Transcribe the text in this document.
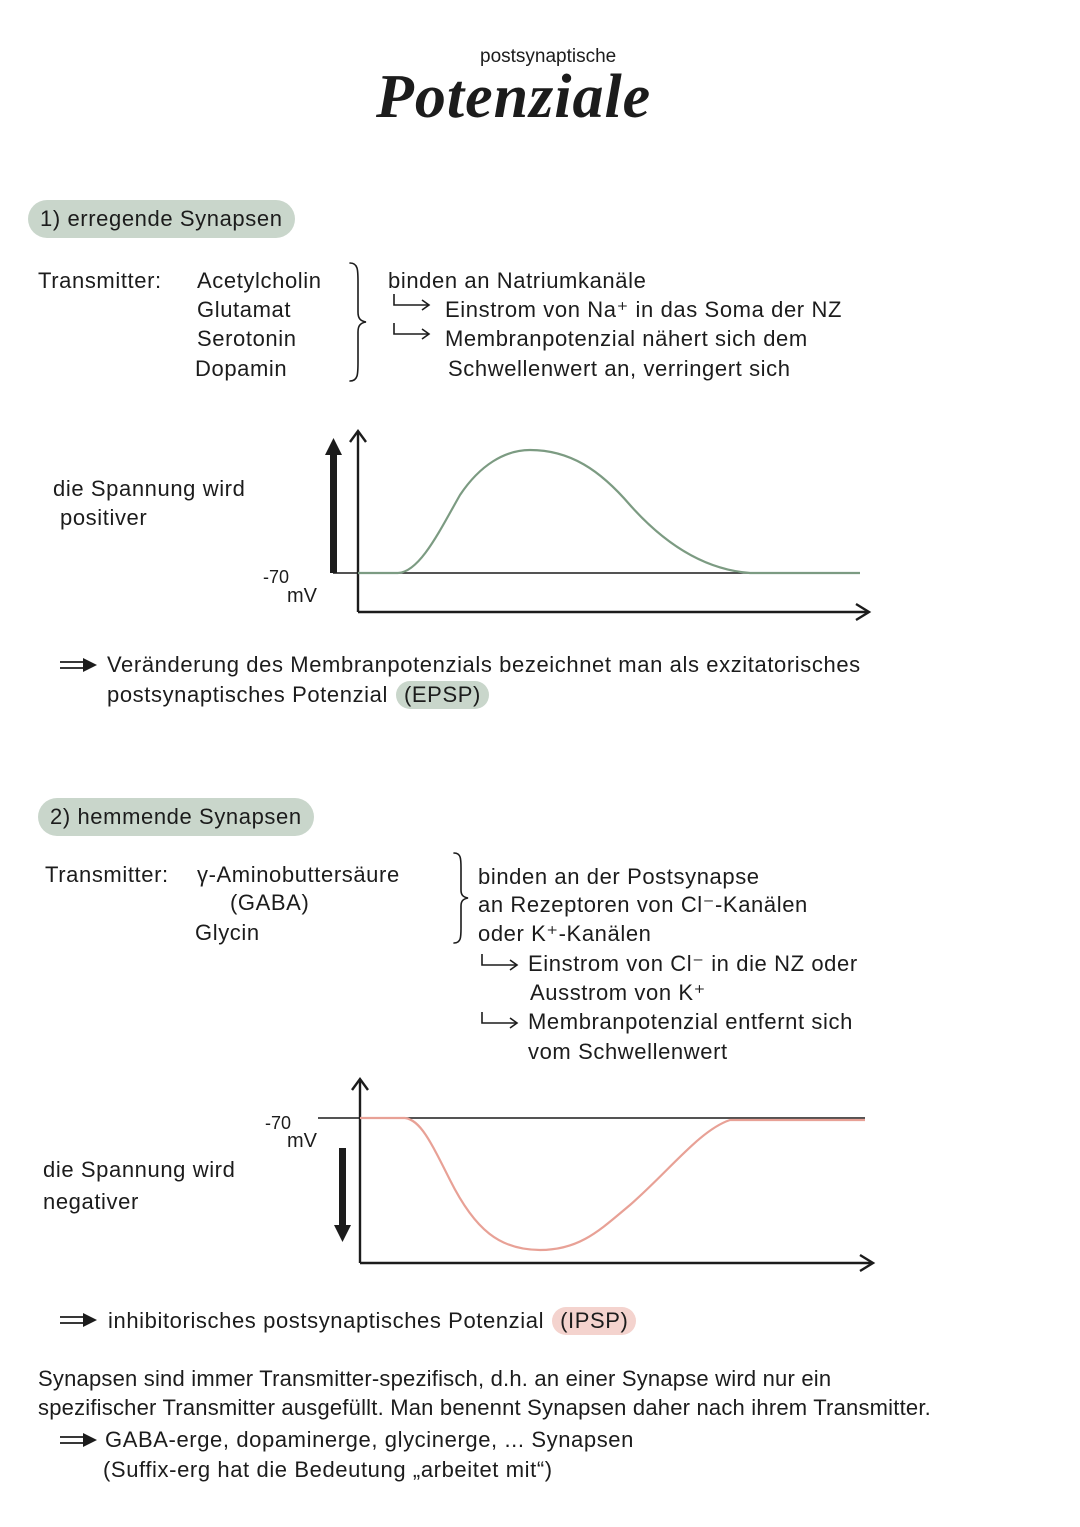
postsynaptische
Potenziale
1) erregende Synapsen
Transmitter: Acetylcholin
Glutamat
Serotonin
Dopamin
binden an Natriumkanäle
Einstrom von Na⁺ in das Soma der NZ
Membranpotenzial nähert sich dem
Schwellenwert an, verringert sich
die Spannung wird
positiver
-70
mV
Veränderung des Membranpotenzials bezeichnet man als exzitatorisches
postsynaptisches Potenzial (EPSP)
2) hemmende Synapsen
Transmitter: γ-Aminobuttersäure
(GABA)
Glycin
binden an der Postsynapse
an Rezeptoren von Cl⁻-Kanälen
oder K⁺-Kanälen
Einstrom von Cl⁻ in die NZ oder
Ausstrom von K⁺
Membranpotenzial entfernt sich
vom Schwellenwert
-70
mV
die Spannung wird
negativer
inhibitorisches postsynaptisches Potenzial (IPSP)
Synapsen sind immer Transmitter-spezifisch, d.h. an einer Synapse wird nur ein
spezifischer Transmitter ausgefüllt. Man benennt Synapsen daher nach ihrem Transmitter.
GABA-erge, dopaminerge, glycinerge, ... Synapsen
(Suffix-erg hat die Bedeutung „arbeitet mit“)
